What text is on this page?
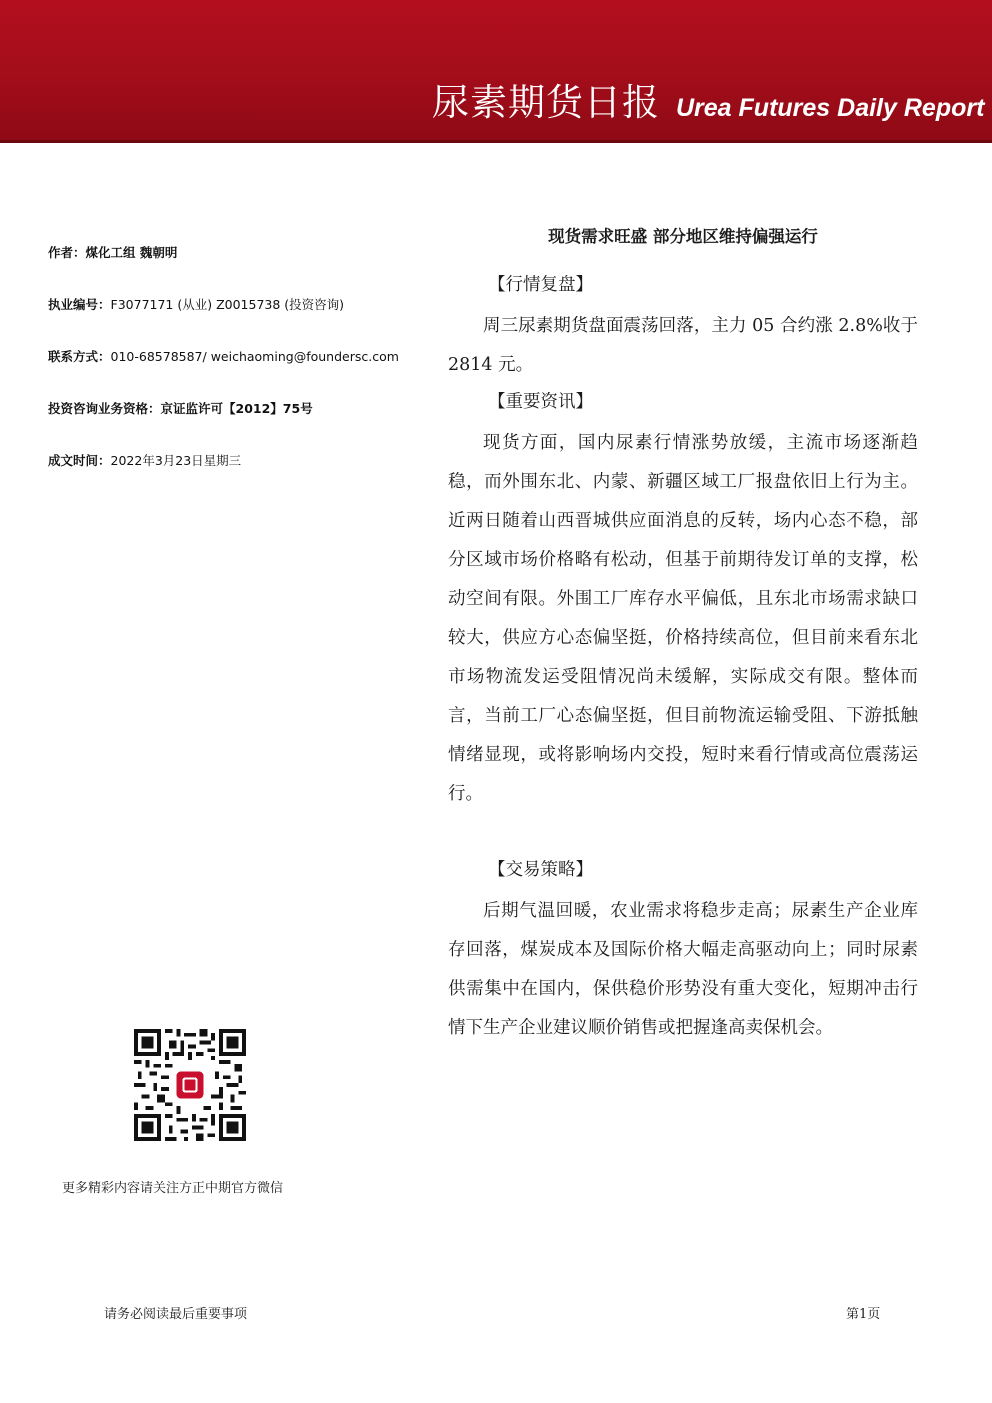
尿素期货日报 Urea Futures Daily Report
作者：煤化工组 魏朝明
执业编号：F3077171 (从业) Z0015738 (投资咨询)
联系方式：010-68578587/ weichaoming@foundersc.com
投资咨询业务资格：京证监许可【2012】75号
成文时间：2022年3月23日星期三
现货需求旺盛 部分地区维持偏强运行
【行情复盘】

周三尿素期货盘面震荡回落，主力 05 合约涨 2.8%收于 2814 元。

【重要资讯】

现货方面，国内尿素行情涨势放缓，主流市场逐渐趋稳，而外围东北、内蒙、新疆区域工厂报盘依旧上行为主。近两日随着山西晋城供应面消息的反转，场内心态不稳，部分区域市场价格略有松动，但基于前期待发订单的支撑，松动空间有限。外围工厂库存水平偏低，且东北市场需求缺口较大，供应方心态偏坚挺，价格持续高位，但目前来看东北市场物流发运受阻情况尚未缓解，实际成交有限。整体而言，当前工厂心态偏坚挺，但目前物流运输受阻、下游抵触情绪显现，或将影响场内交投，短时来看行情或高位震荡运行。

【交易策略】

后期气温回暖，农业需求将稳步走高；尿素生产企业库存回落，煤炭成本及国际价格大幅走高驱动向上；同时尿素供需集中在国内，保供稳价形势没有重大变化，短期冲击行情下生产企业建议顺价销售或把握逢高卖保机会。

更多精彩内容请关注方正中期官方微信
请务必阅读最后重要事项	第1页
